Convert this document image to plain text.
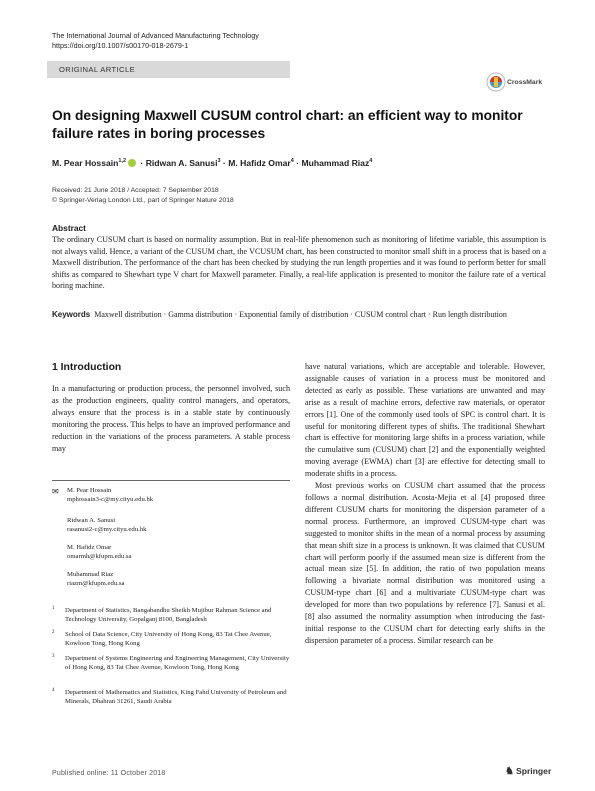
The International Journal of Advanced Manufacturing Technology
https://doi.org/10.1007/s00170-018-2679-1
ORIGINAL ARTICLE
CrossMark
On designing Maxwell CUSUM control chart: an efficient way to monitor failure rates in boring processes
M. Pear Hossain$^{1,2}$ · Ridwan A. Sanusi$^3$ · M. Hafidz Omar$^4$ · Muhammad Riaz$^4$
Received: 21 June 2018 / Accepted: 7 September 2018
© Springer-Verlag London Ltd., part of Springer Nature 2018
Abstract
The ordinary CUSUM chart is based on normality assumption. But in real-life phenomenon such as monitoring of lifetime variable, this assumption is not always valid. Hence, a variant of the CUSUM chart, the VCUSUM chart, has been constructed to monitor small shift in a process that is based on a Maxwell distribution. The performance of the chart has been checked by studying the run length properties and it was found to perform better for small shifts as compared to Shewhart type V chart for Maxwell parameter. Finally, a real-life application is presented to monitor the failure rate of a vertical boring machine.
Keywords Maxwell distribution · Gamma distribution · Exponential family of distribution · CUSUM control chart · Run length distribution
1 Introduction
In a manufacturing or production process, the personnel involved, such as the production engineers, quality control managers, and operators, always ensure that the process is in a stable state by continuously monitoring the process. This helps to have an improved performance and reduction in the variations of the process parameters. A stable process may

have natural variations, which are acceptable and tolerable. However, assignable causes of variation in a process must be monitored and detected as early as possible. These variations are unwanted and may arise as a result of machine errors, defective raw materials, or operator errors [1]. One of the commonly used tools of SPC is control chart. It is useful for monitoring different types of shifts. The traditional Shewhart chart is effective for monitoring large shifts in a process variation, while the cumulative sum (CUSUM) chart [2] and the exponentially weighted moving average (EWMA) chart [3] are effective for detecting small to moderate shifts in a process.

Most previous works on CUSUM chart assumed that the process follows a normal distribution. Acosta-Mejia et al [4] proposed three different CUSUM charts for monitoring the dispersion parameter of a normal process. Furthermore, an improved CUSUM-type chart was suggested to monitor shifts in the mean of a normal process by assuming that mean shift size in a process is unknown. It was claimed that CUSUM chart will perform poorly if the assumed mean size is different from the actual mean size [5]. In addition, the ratio of two population means following a bivariate normal distribution was monitored using a CUSUM-type chart [6] and a multivariate CUSUM-type chart was developed for more than two populations by reference [7]. Sanusi et al. [8] also assumed the normality assumption when introducing the fast-initial response to the CUSUM chart for detecting early shifts in the dispersion parameter of a process. Similar research can be

✉ M. Pear Hossain
mphossain3-c@my.cityu.edu.hk
Ridwan A. Sanusi
rasanusi2-c@my.cityu.edu.hk
M. Hafidz Omar
omarmh@kfupm.edu.sa
Muhammad Riaz
riazm@kfupm.edu.sa
1 Department of Statistics, Bangabandhu Sheikh Mujibur Rahman Science and Technology University, Gopalganj 8100, Bangladesh
2 School of Data Science, City University of Hong Kong, 83 Tat Chee Avenue, Kowloon Tong, Hong Kong
3 Department of Systems Engineering and Engineering Management, City University of Hong Kong, 83 Tat Chee Avenue, Kowloon Tong, Hong Kong
4 Department of Mathematics and Statistics, King Fahd University of Petroleum and Minerals, Dhahran 31261, Saudi Arabia
Published online: 11 October 2018	♞ Springer
